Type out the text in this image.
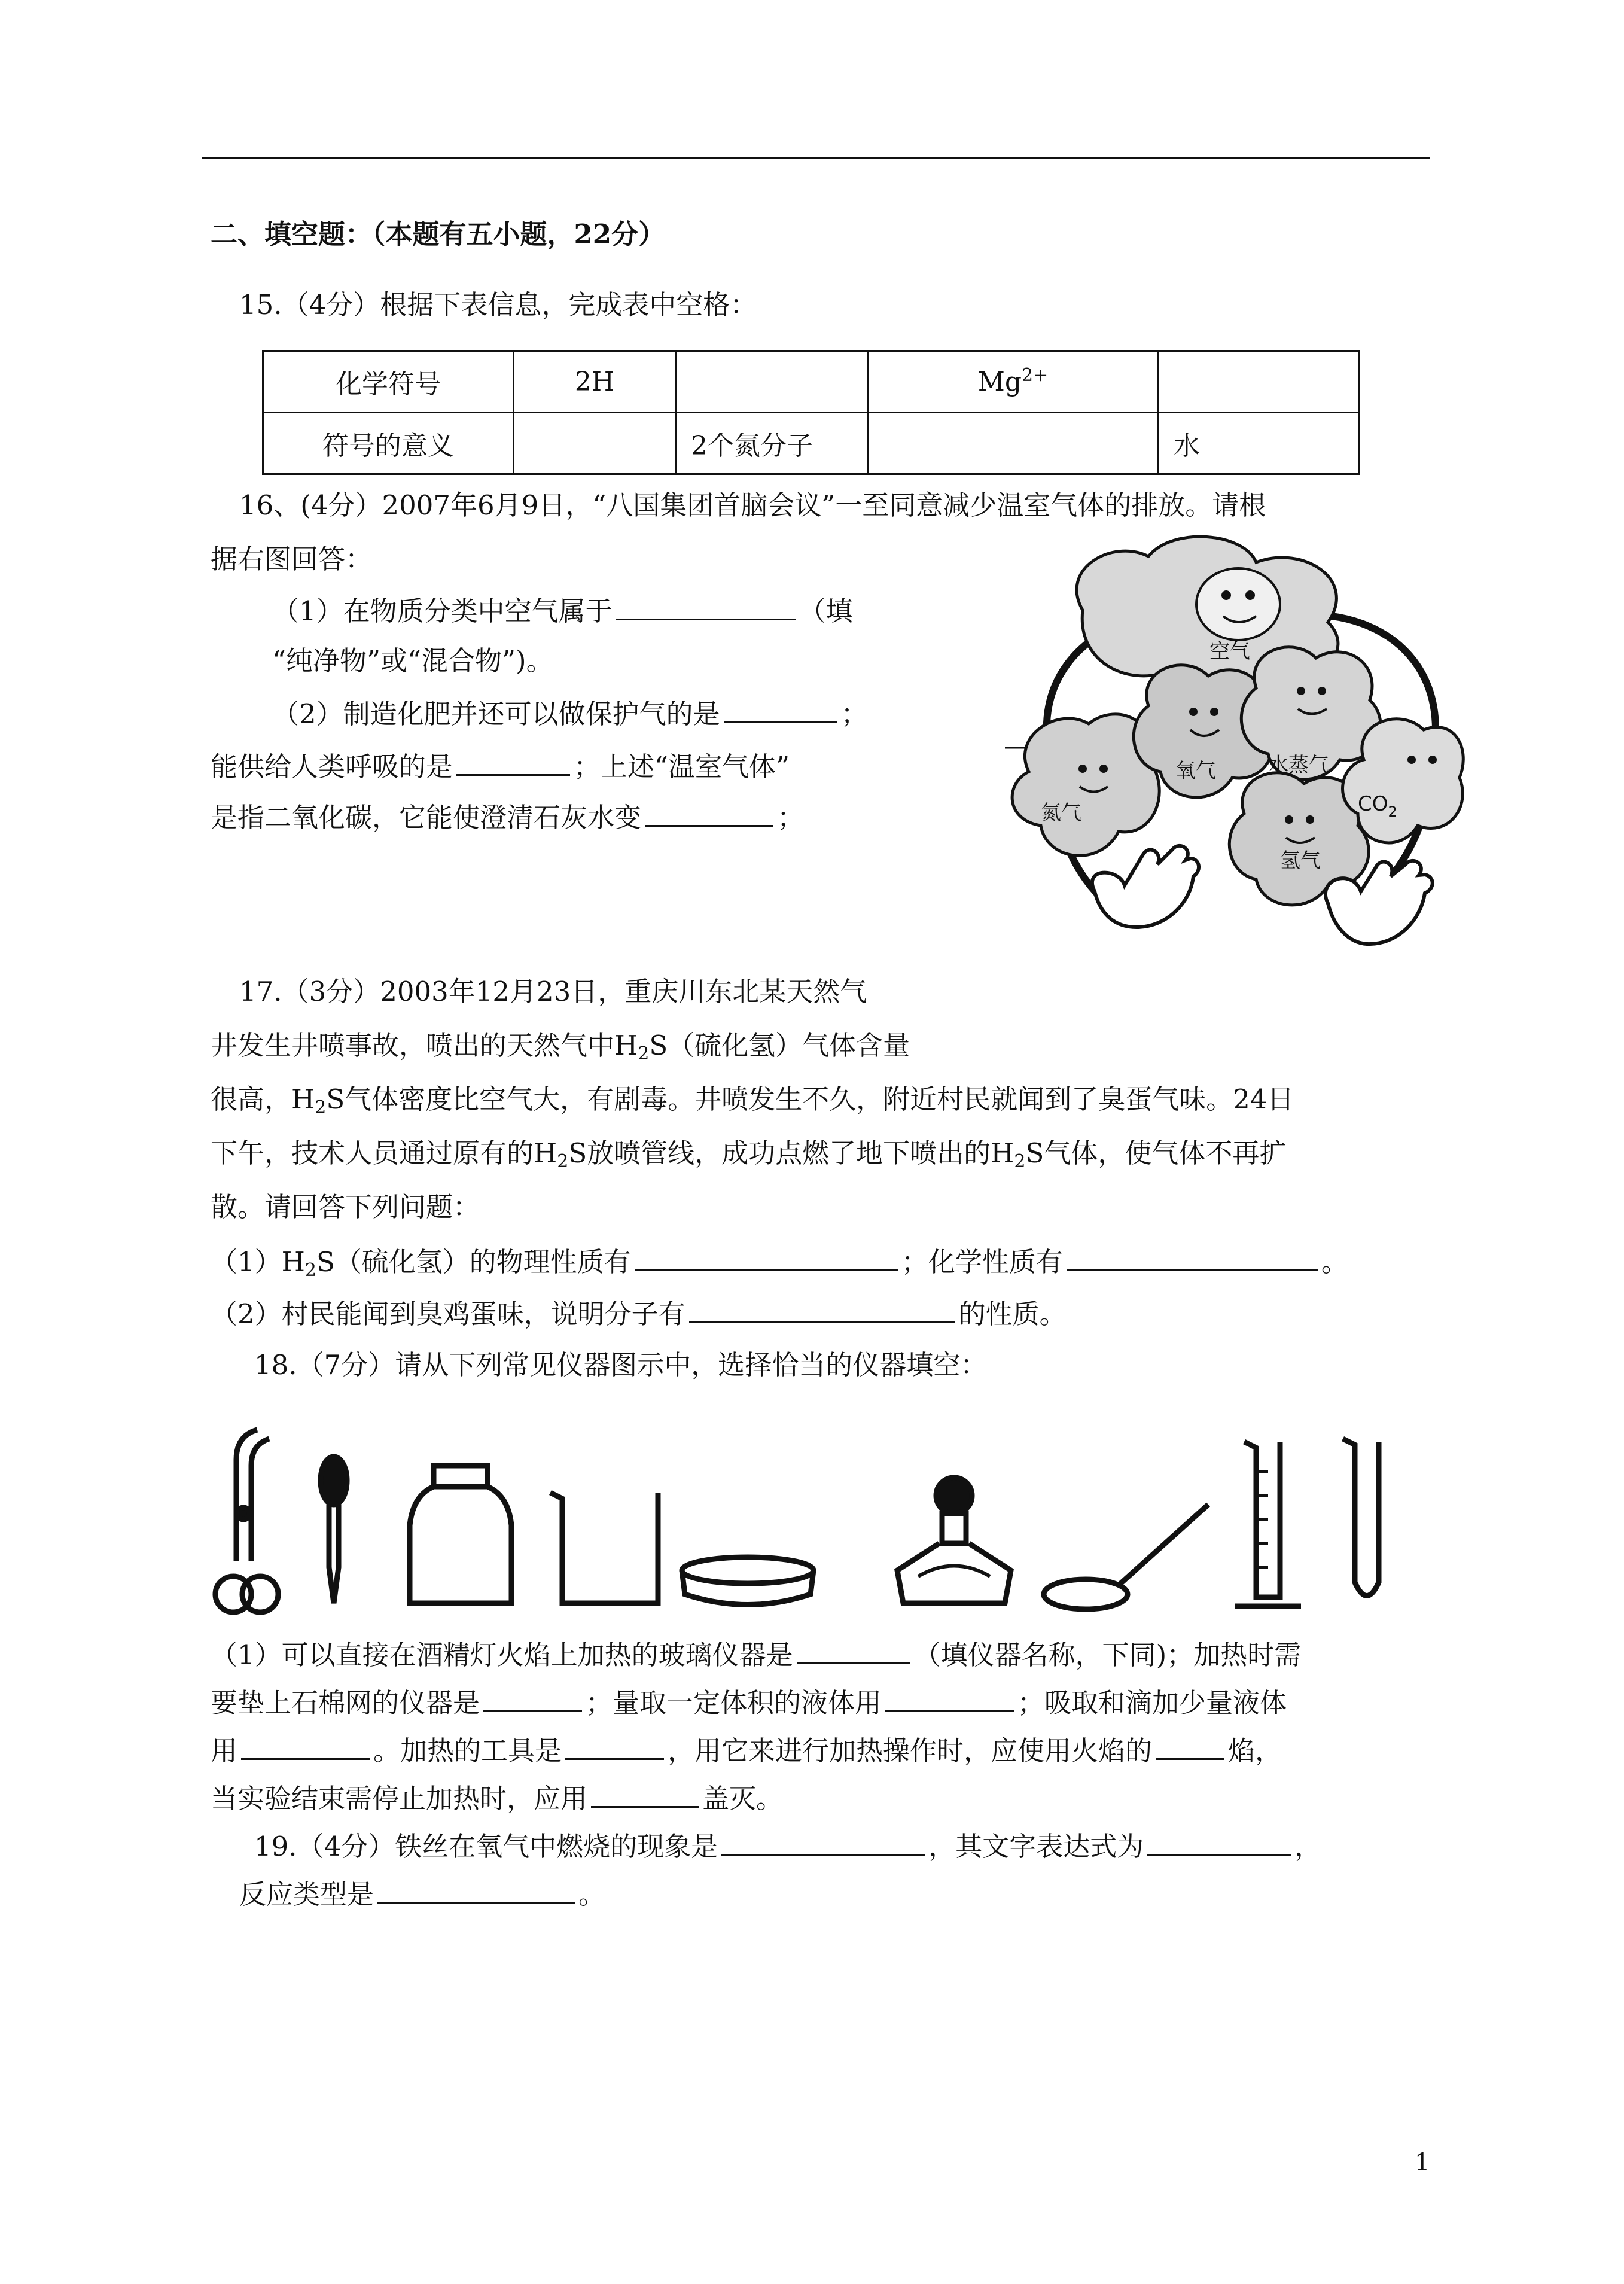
二、填空题：（本题有五小题，22分）
15.（4分）根据下表信息，完成表中空格：
化学符号	2H		$Mg^{2+}$	
符号的意义		2个氮分子		水
16、(4分）2007年6月9日，“八国集团首脑会议”一至同意减少温室气体的排放。请根
据右图回答：
（1）在物质分类中空气属于	（填
“纯净物”或“混合物”)。
（2）制造化肥并还可以做保护气的是	；
能供给人类呼吸的是	；上述“温室气体”
是指二氧化碳，它能使澄清石灰水变	；
空气
氮气
氧气	水蒸气
氢气
$CO_2$
17.（3分）2003年12月23日，重庆川东北某天然气
井发生井喷事故，喷出的天然气中$H_2S$（硫化氢）气体含量
很高，$H_2S$气体密度比空气大，有剧毒。井喷发生不久，附近村民就闻到了臭蛋气味。24日
下午，技术人员通过原有的$H_2S$放喷管线，成功点燃了地下喷出的$H_2S$气体，使气体不再扩
散。请回答下列问题：
$(1)H_2S$（硫化氢）的物理性质有	；化学性质有	。
（2）村民能闻到臭鸡蛋味，说明分子有	的性质。
18.（7分）请从下列常见仪器图示中，选择恰当的仪器填空：
（1）可以直接在酒精灯火焰上加热的玻璃仪器是	（填仪器名称，下同)；加热时需
要垫上石棉网的仪器是	；量取一定体积的液体用	；吸取和滴加少量液体
用	。加热的工具是	，用它来进行加热操作时，应使用火焰的	焰，
当实验结束需停止加热时，应用	盖灭。
19.（4分）铁丝在氧气中燃烧的现象是	，其文字表达式为	，
反应类型是	。
1
